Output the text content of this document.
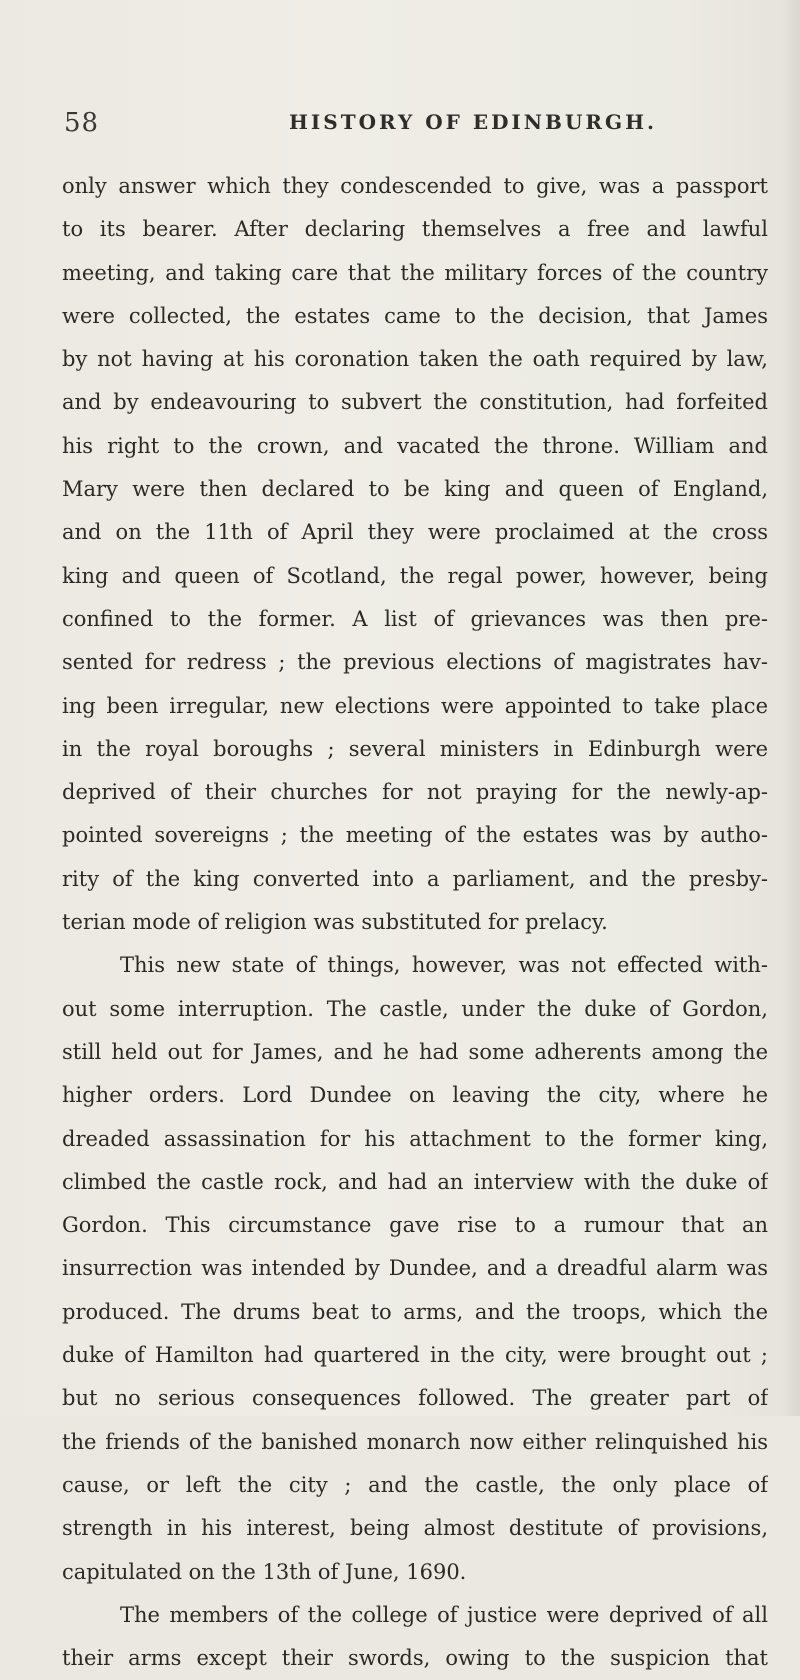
58	HISTORY OF EDINBURGH.
only answer which they condescended to give, was a passport
to its bearer. After declaring themselves a free and lawful
meeting, and taking care that the military forces of the country
were collected, the estates came to the decision, that James
by not having at his coronation taken the oath required by law,
and by endeavouring to subvert the constitution, had forfeited
his right to the crown, and vacated the throne. William and
Mary were then declared to be king and queen of England,
and on the 11th of April they were proclaimed at the cross
king and queen of Scotland, the regal power, however, being
confined to the former. A list of grievances was then pre-
sented for redress ; the previous elections of magistrates hav-
ing been irregular, new elections were appointed to take place
in the royal boroughs ; several ministers in Edinburgh were
deprived of their churches for not praying for the newly-ap-
pointed sovereigns ; the meeting of the estates was by autho-
rity of the king converted into a parliament, and the presby-
terian mode of religion was substituted for prelacy.
This new state of things, however, was not effected with-
out some interruption. The castle, under the duke of Gordon,
still held out for James, and he had some adherents among the
higher orders. Lord Dundee on leaving the city, where he
dreaded assassination for his attachment to the former king,
climbed the castle rock, and had an interview with the duke of
Gordon. This circumstance gave rise to a rumour that an
insurrection was intended by Dundee, and a dreadful alarm was
produced. The drums beat to arms, and the troops, which the
duke of Hamilton had quartered in the city, were brought out ;
but no serious consequences followed. The greater part of
the friends of the banished monarch now either relinquished his
cause, or left the city ; and the castle, the only place of
strength in his interest, being almost destitute of provisions,
capitulated on the 13th of June, 1690.
The members of the college of justice were deprived of all
their arms except their swords, owing to the suspicion that
